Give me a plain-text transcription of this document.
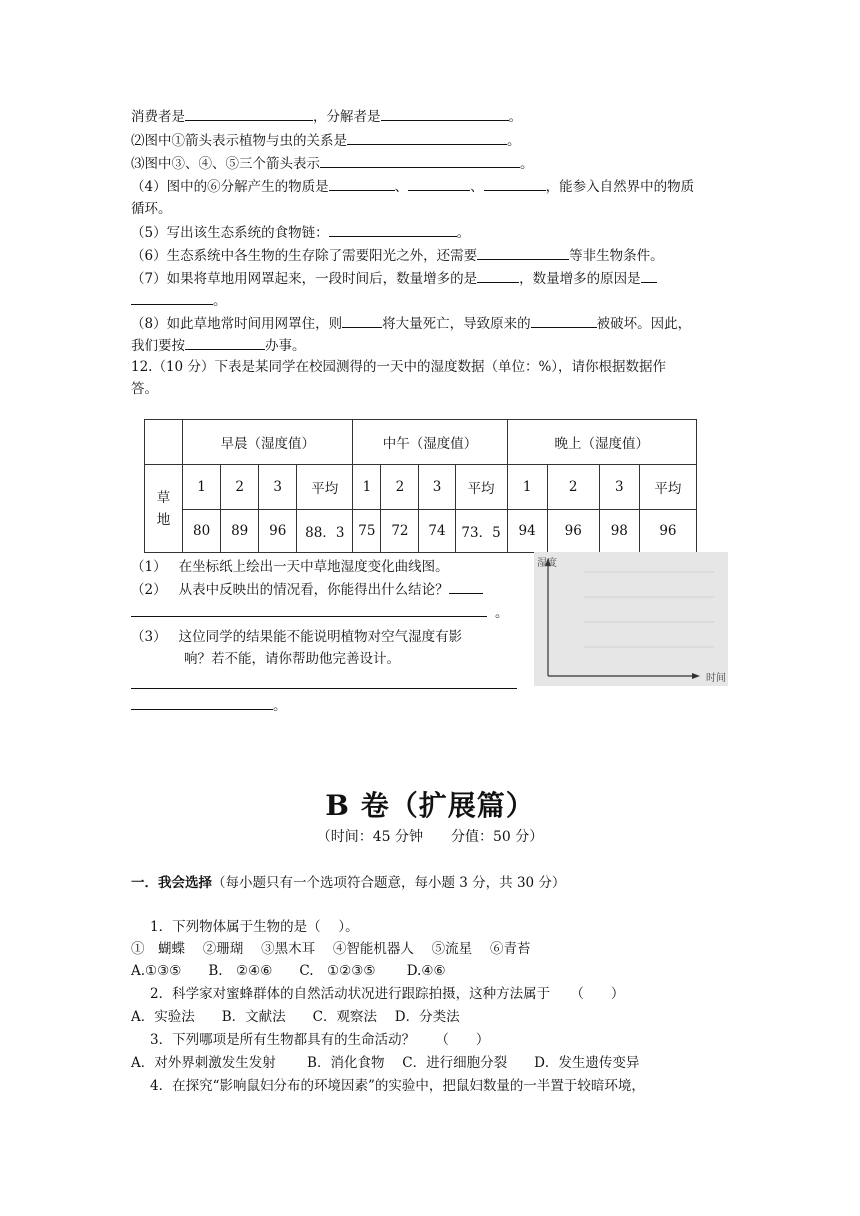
消费者是	，分解者是	。
⑵图中①箭头表示植物与虫的关系是	。
⑶图中③、④、⑤三个箭头表示	。
（4）图中的⑥分解产生的物质是	、	、	，能参入自然界中的物质
循环。
（5）写出该生态系统的食物链：	。
（6）生态系统中各生物的生存除了需要阳光之外，还需要	等非生物条件。
（7）如果将草地用网罩起来，一段时间后，数量增多的是	，数量增多的原因是
。
（8）如此草地常时间用网罩住，则	将大量死亡，导致原来的	被破坏。因此，
我们要按	办事。
12.（10 分）下表是某同学在校园测得的一天中的湿度数据（单位：%），请你根据数据作
答。
	早晨（湿度值）				中午（湿度值）				晚上（湿度值）			
草
地	1	2	3	平均	1	2	3	平均	1	2	3	平均
	80	89	96	88．3	75	72	74	73．5	94	96	98	96
（1） 在坐标纸上绘出一天中草地湿度变化曲线图。
（2） 从表中反映出的情况看，你能得出什么结论？
。
（3） 这位同学的结果能不能说明植物对空气湿度有影
响？若不能，请你帮助他完善设计。
。
湿度
时间
B 卷（扩展篇）
（时间：45 分钟　　分值：50 分）
一．我会选择（每小题只有一个选项符合题意，每小题 3 分，共 30 分）
1．下列物体属于生物的是（　 ）。
①　蝴蝶　 ②珊瑚　 ③黑木耳　 ④智能机器人　 ⑤流星　 ⑥青苔
A.①③⑤　　B.　②④⑥　　C.　①②③⑤　　 D.④⑥
2．科学家对蜜蜂群体的自然活动状况进行跟踪拍摄，这种方法属于　　（　　）
A．实验法　　B．文献法　　C．观察法　 D．分类法
3．下列哪项是所有生物都具有的生命活动？　　（　　）
A．对外界刺激发生发射　　 B．消化食物　 C．进行细胞分裂　　D．发生遗传变异
4．在探究“影响鼠妇分布的环境因素”的实验中，把鼠妇数量的一半置于较暗环境，
